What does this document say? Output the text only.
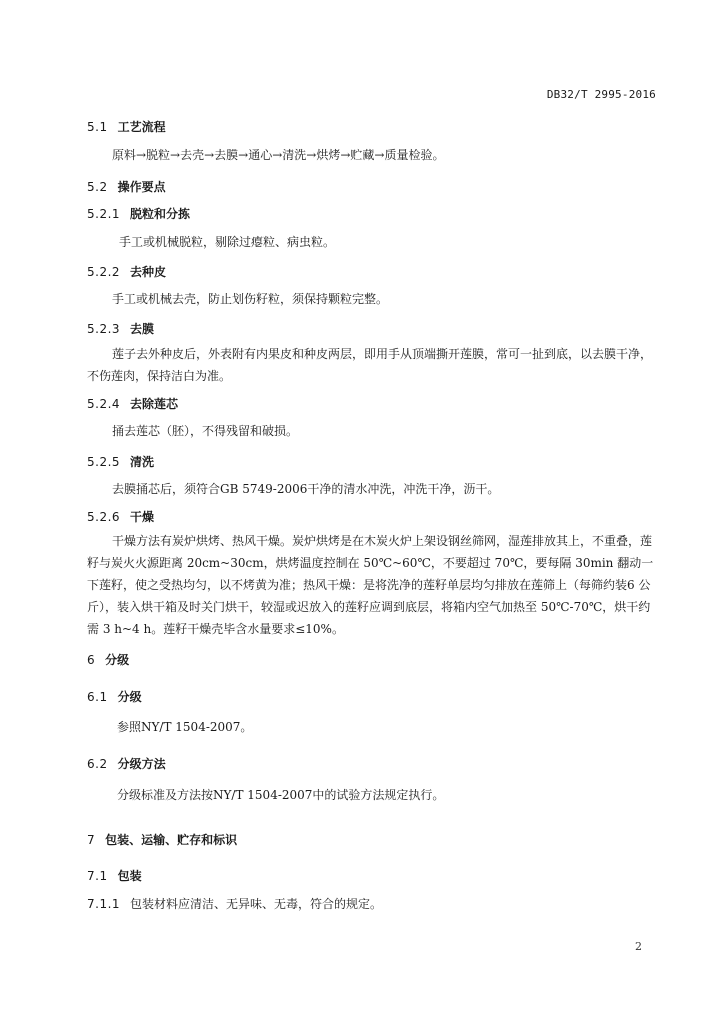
DB32/T 2995-2016
5.1 工艺流程

原料→脱粒→去壳→去膜→通心→清洗→烘烤→贮藏→质量检验。

5.2 操作要点
5.2.1 脱粒和分拣

手工或机械脱粒，剔除过瘪粒、病虫粒。

5.2.2 去种皮

手工或机械去壳，防止划伤籽粒，须保持颗粒完整。

5.2.3 去膜

莲子去外种皮后，外表附有内果皮和种皮两层，即用手从顶端撕开莲膜，常可一扯到底，以去膜干净，不伤莲肉，保持洁白为准。

5.2.4 去除莲芯

捅去莲芯（胚），不得残留和破损。

5.2.5 清洗

去膜捅芯后，须符合GB 5749-2006干净的清水冲洗，冲洗干净，沥干。

5.2.6 干燥

干燥方法有炭炉烘烤、热风干燥。炭炉烘烤是在木炭火炉上架设钢丝筛网，湿莲排放其上，不重叠，莲籽与炭火火源距离 20cm~30cm，烘烤温度控制在 50℃~60℃，不要超过 70℃，要每隔 30min 翻动一下莲籽，使之受热均匀，以不烤黄为准；热风干燥：是将洗净的莲籽单层均匀排放在莲筛上（每筛约装6 公斤），装入烘干箱及时关门烘干，较湿或迟放入的莲籽应调到底层，将箱内空气加热至 50℃-70℃，烘干约需 3 h~4 h。莲籽干燥壳毕含水量要求≤10%。

6 分级
6.1 分级

参照NY/T 1504-2007。

6.2 分级方法

分级标准及方法按NY/T 1504-2007中的试验方法规定执行。

7 包装、运输、贮存和标识
7.1 包装
7.1.1 包装材料应清洁、无异味、无毒，符合的规定。
2
